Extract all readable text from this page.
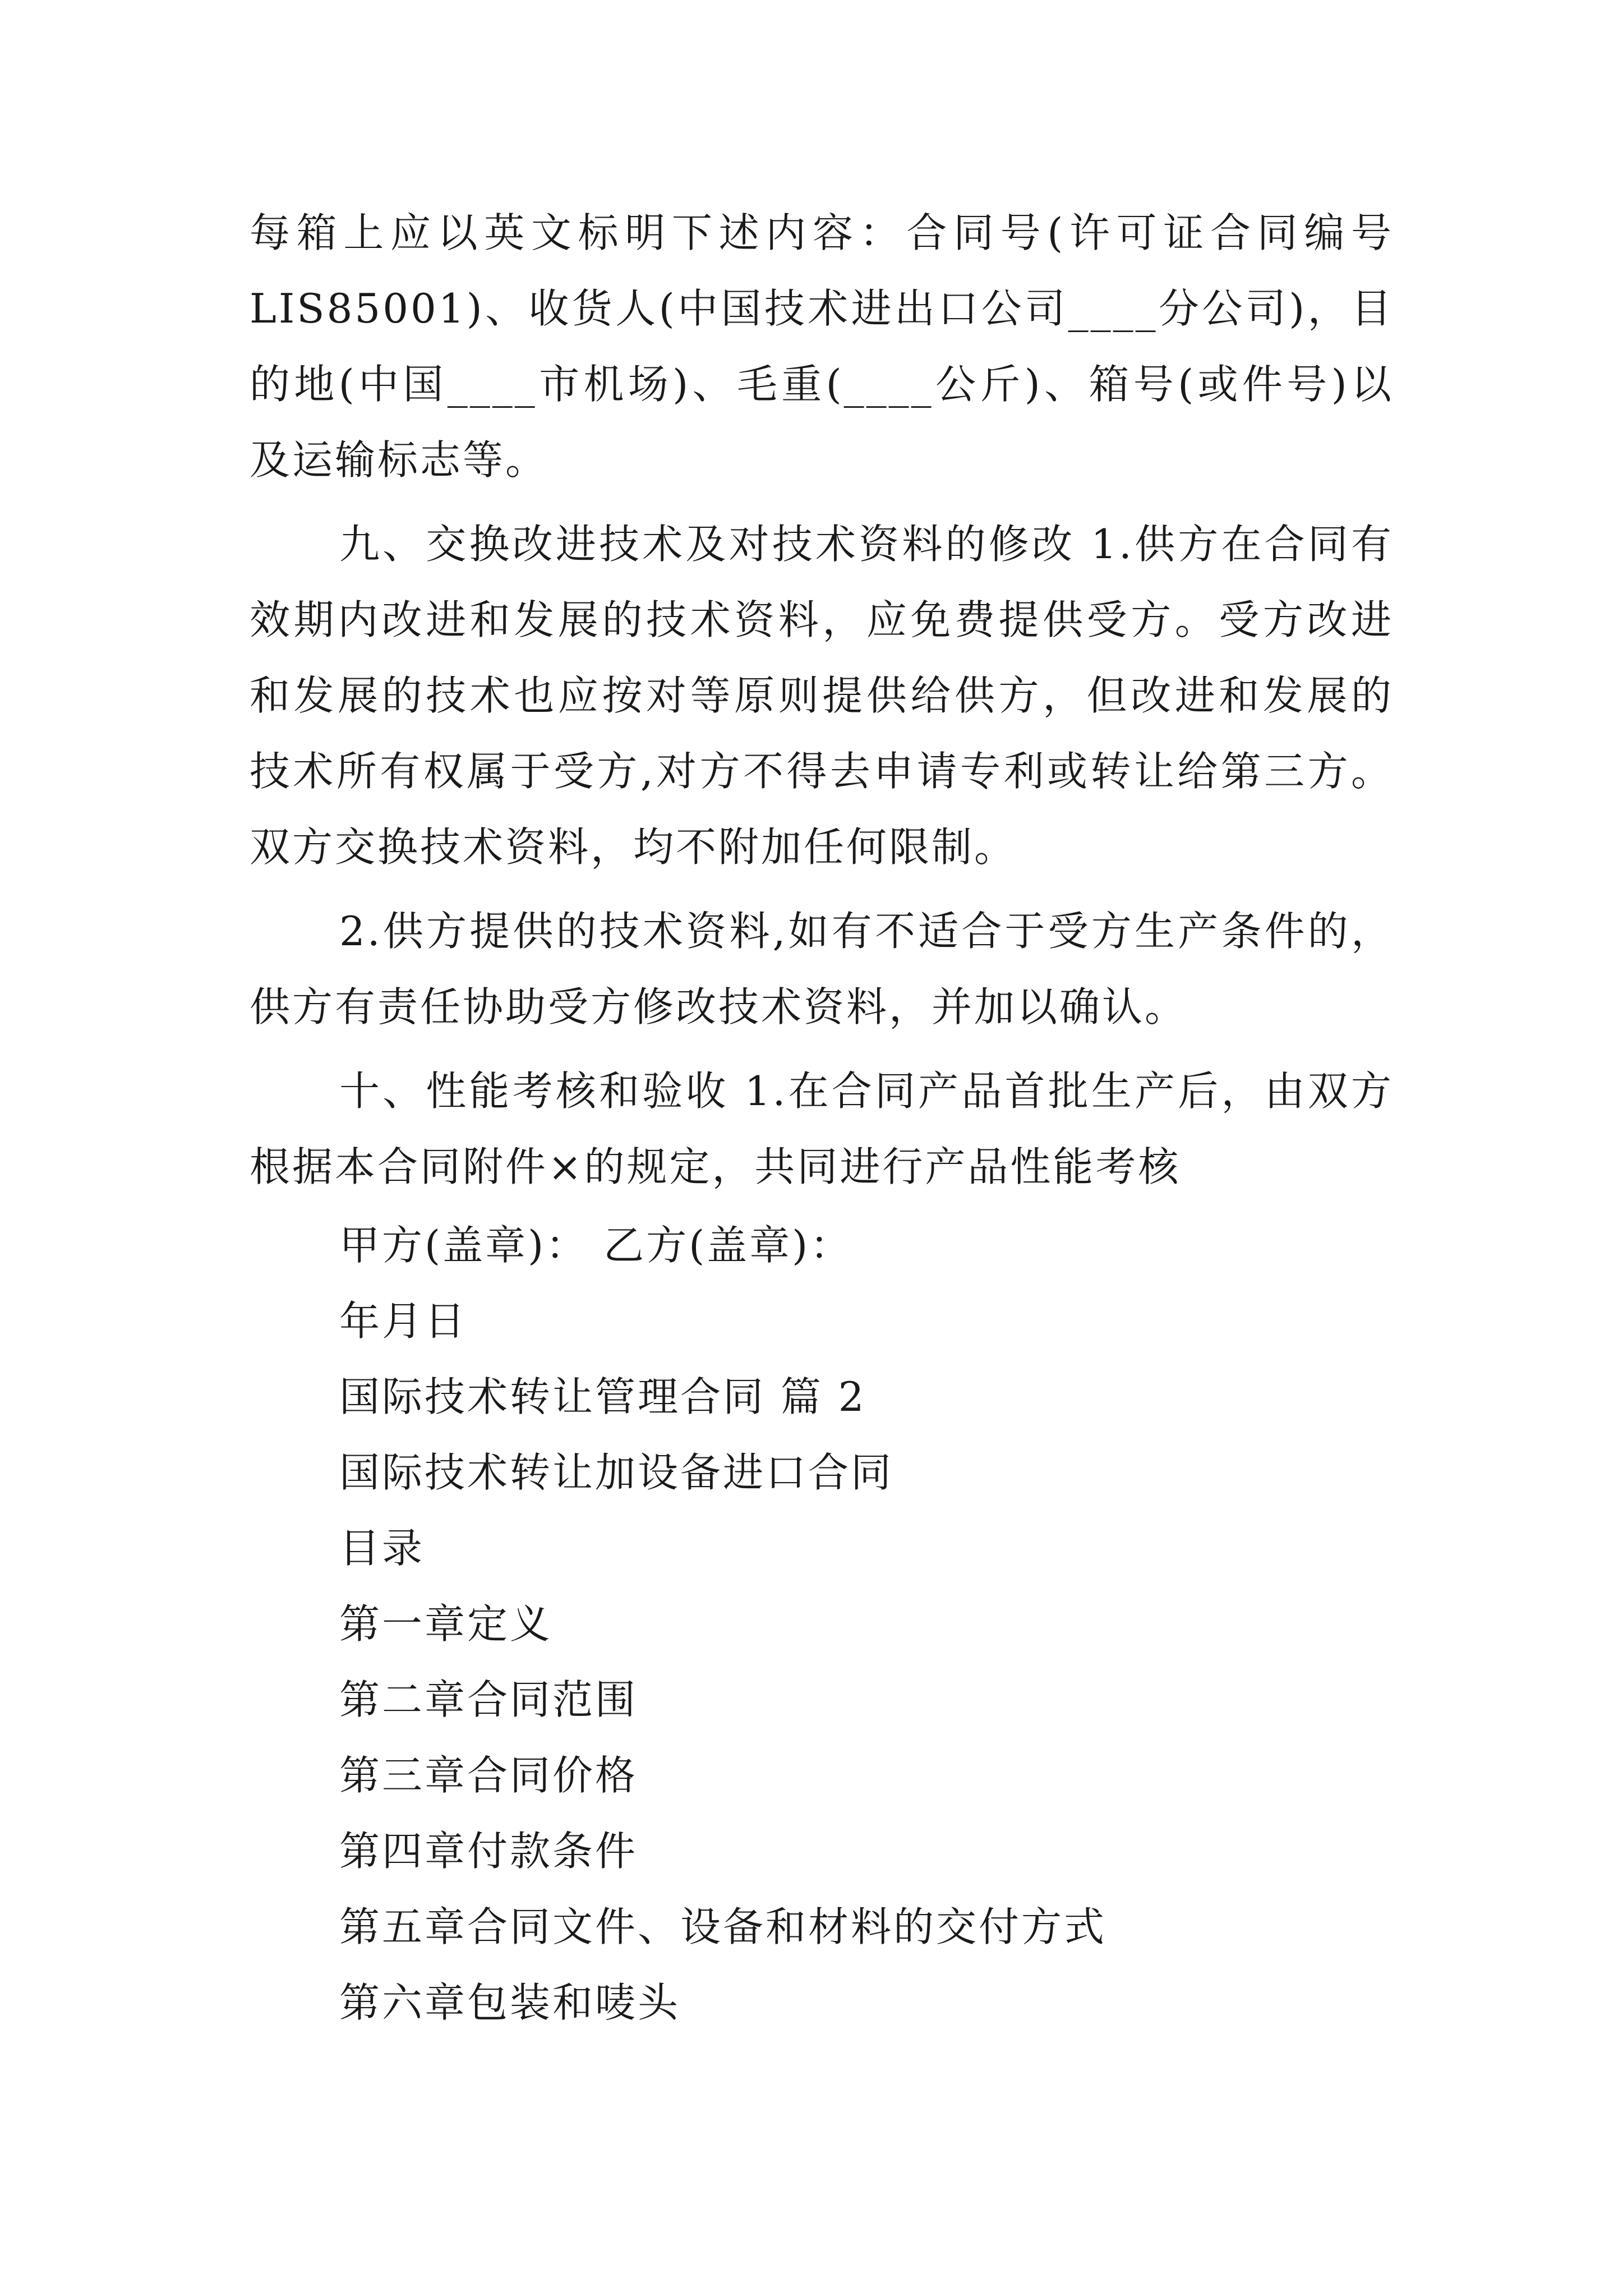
每箱上应以英文标明下述内容：合同号(许可证合同编号
LIS85001)、收货人(中国技术进出口公司____分公司)，目
的地(中国____市机场)、毛重(____公斤)、箱号(或件号)以
及运输标志等。
九、交换改进技术及对技术资料的修改 1.供方在合同有
效期内改进和发展的技术资料，应免费提供受方。受方改进
和发展的技术也应按对等原则提供给供方，但改进和发展的
技术所有权属于受方,对方不得去申请专利或转让给第三方。
双方交换技术资料，均不附加任何限制。
2.供方提供的技术资料,如有不适合于受方生产条件的，
供方有责任协助受方修改技术资料，并加以确认。
十、性能考核和验收 1.在合同产品首批生产后，由双方
根据本合同附件×的规定，共同进行产品性能考核
甲方(盖章)： 乙方(盖章)：
年月日
国际技术转让管理合同 篇 2
国际技术转让加设备进口合同
目录
第一章定义
第二章合同范围
第三章合同价格
第四章付款条件
第五章合同文件、设备和材料的交付方式
第六章包装和唛头
